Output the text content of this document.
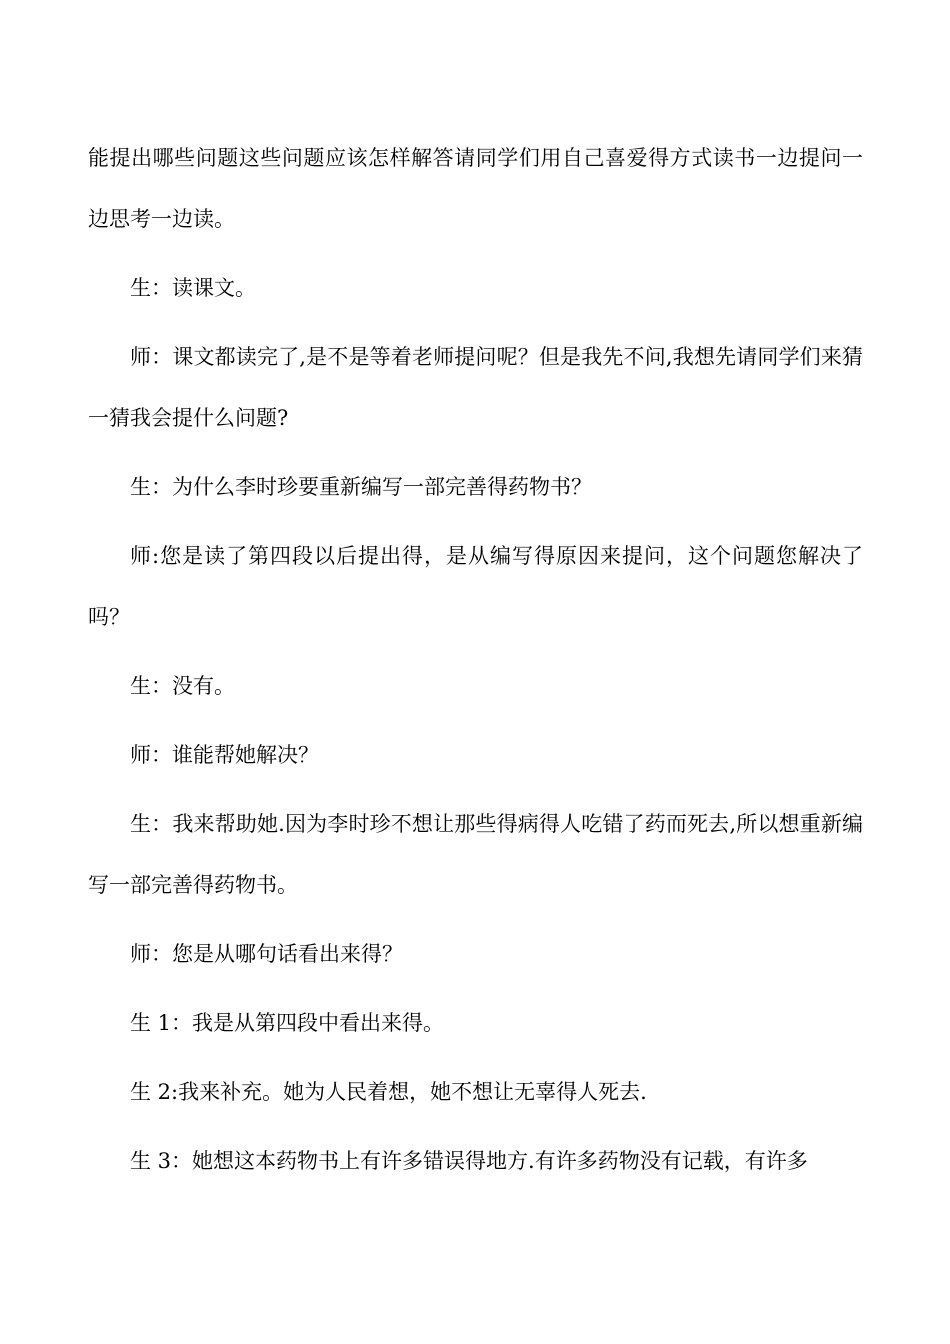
能提出哪些问题这些问题应该怎样解答请同学们用自己喜爱得方式读书一边提问一边思考一边读。

生：读课文。

师：课文都读完了,是不是等着老师提问呢？但是我先不问,我想先请同学们来猜一猜我会提什么问题?

生：为什么李时珍要重新编写一部完善得药物书？

师:您是读了第四段以后提出得，是从编写得原因来提问，这个问题您解决了吗？

生：没有。

师：谁能帮她解决？

生：我来帮助她.因为李时珍不想让那些得病得人吃错了药而死去,所以想重新编写一部完善得药物书。

师：您是从哪句话看出来得？

生 1：我是从第四段中看出来得。

生 2:我来补充。她为人民着想，她不想让无辜得人死去.

生 3：她想这本药物书上有许多错误得地方.有许多药物没有记载，有许多
